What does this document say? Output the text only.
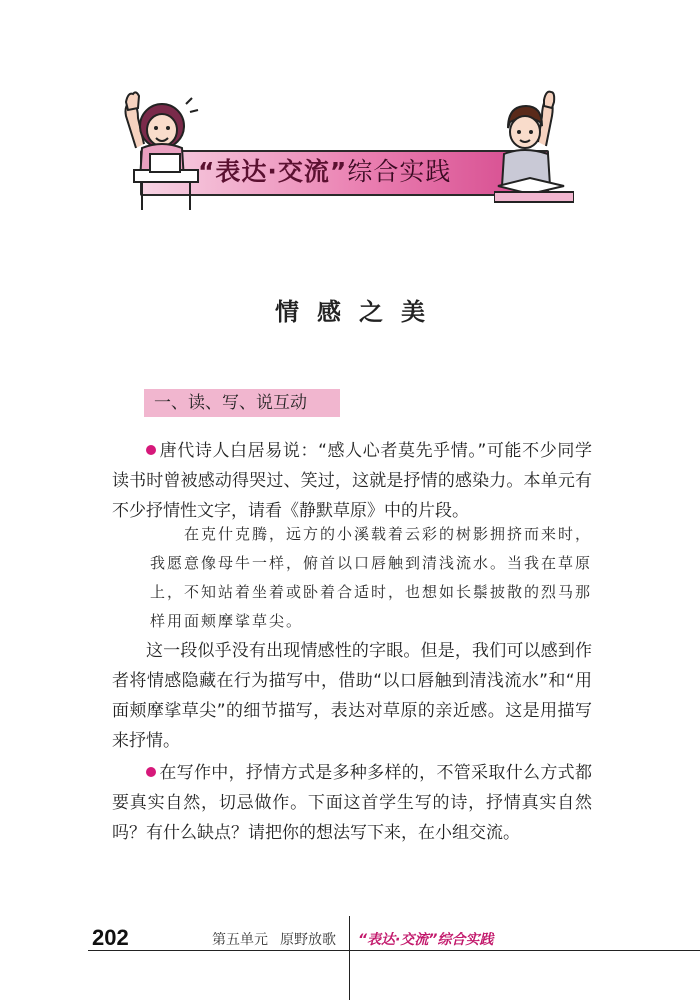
“表达·交流”综合实践
情感之美
一、读、写、说互动
唐代诗人白居易说：“感人心者莫先乎情。”可能不少同学读书时曾被感动得哭过、笑过，这就是抒情的感染力。本单元有不少抒情性文字，请看《静默草原》中的片段。
在克什克腾，远方的小溪载着云彩的树影拥挤而来时，我愿意像母牛一样，俯首以口唇触到清浅流水。当我在草原上，不知站着坐着或卧着合适时，也想如长鬃披散的烈马那样用面颊摩挲草尖。
这一段似乎没有出现情感性的字眼。但是，我们可以感到作者将情感隐藏在行为描写中，借助“以口唇触到清浅流水”和“用面颊摩挲草尖”的细节描写，表达对草原的亲近感。这是用描写来抒情。
在写作中，抒情方式是多种多样的，不管采取什么方式都要真实自然，切忌做作。下面这首学生写的诗，抒情真实自然吗？有什么缺点？请把你的想法写下来，在小组交流。
202	第五单元 原野放歌	“表达·交流”综合实践
